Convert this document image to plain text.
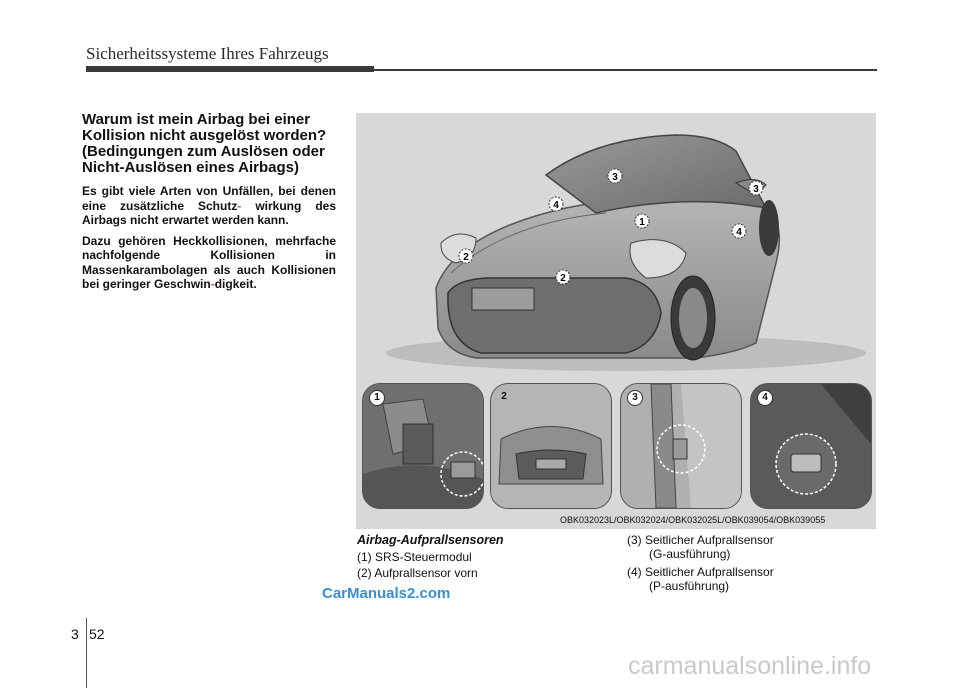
Sicherheitssysteme Ihres Fahrzeugs
Warum ist mein Airbag bei einer Kollision nicht ausgelöst worden? (Bedingungen zum Auslösen oder Nicht-Auslösen eines Airbags)

Es gibt viele Arten von Unfällen, bei denen eine zusätzliche Schutz- wirkung des Airbags nicht erwartet werden kann.

Dazu gehören Heckkollisionen, mehrfache nachfolgende Kollisionen in Massenkarambolagen als auch Kollisionen bei geringer Geschwin-digkeit.

3
3
4
1
4
2
2
1	2	3	4
OBK032023L/OBK032024/OBK032025L/OBK039054/OBK039055
Airbag-Aufprallsensoren
(1) SRS-Steuermodul
(2) Aufprallsensor vorn
(3) Seitlicher Aufprallsensor
(G-ausführung)
(4) Seitlicher Aufprallsensor
(P-ausführung)
CarManuals2.com
3 52
carmanualsonline.info
